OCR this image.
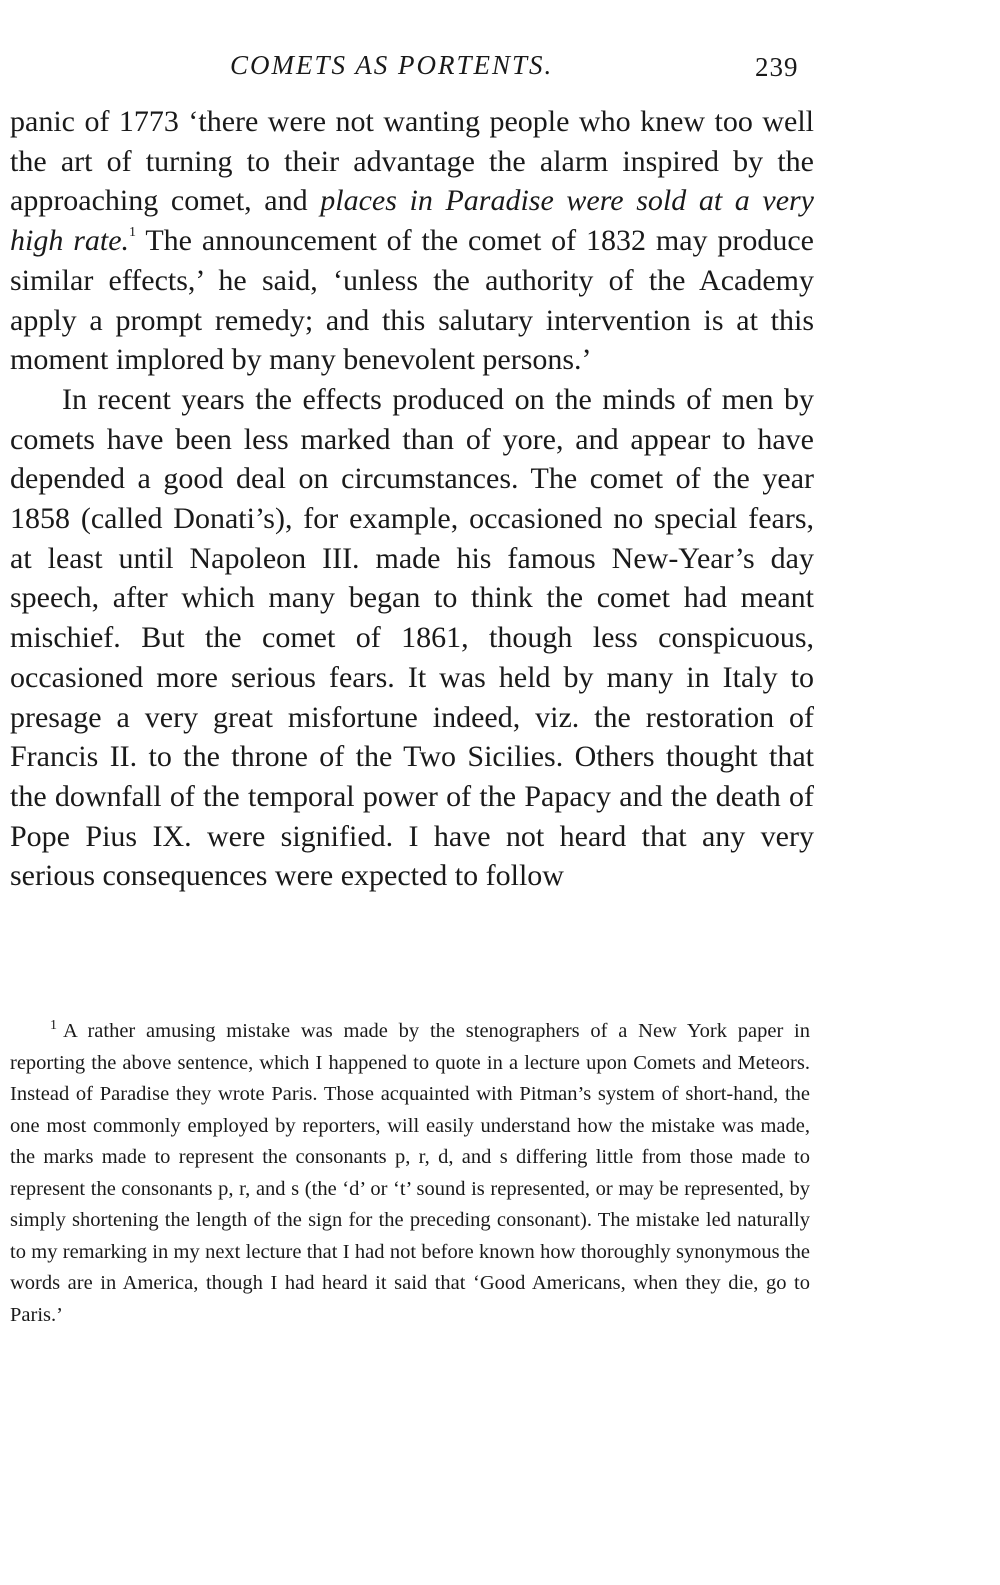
COMETS AS PORTENTS.	239

panic of 1773 ‘there were not wanting people who knew too well the art of turning to their advantage the alarm inspired by the approaching comet, and places in Paradise were sold at a very high rate.$^1$ The announcement of the comet of 1832 may produce similar effects,’ he said, ‘unless the authority of the Academy apply a prompt remedy; and this salutary intervention is at this moment implored by many benevolent persons.’

In recent years the effects produced on the minds of men by comets have been less marked than of yore, and appear to have depended a good deal on circumstances. The comet of the year 1858 (called Donati’s), for example, occasioned no special fears, at least until Napoleon III. made his famous New-Year’s day speech, after which many began to think the comet had meant mischief. But the comet of 1861, though less conspicuous, occasioned more serious fears. It was held by many in Italy to presage a very great misfortune indeed, viz. the restoration of Francis II. to the throne of the Two Sicilies. Others thought that the downfall of the temporal power of the Papacy and the death of Pope Pius IX. were signified. I have not heard that any very serious consequences were expected to follow

$^1$ A rather amusing mistake was made by the stenographers of a New York paper in reporting the above sentence, which I happened to quote in a lecture upon Comets and Meteors. Instead of Paradise they wrote Paris. Those acquainted with Pitman’s system of short-hand, the one most commonly employed by reporters, will easily understand how the mistake was made, the marks made to represent the consonants p, r, d, and s differing little from those made to represent the consonants p, r, and s (the ‘d’ or ‘t’ sound is represented, or may be represented, by simply shortening the length of the sign for the preceding consonant). The mistake led naturally to my remarking in my next lecture that I had not before known how thoroughly synonymous the words are in America, though I had heard it said that ‘Good Americans, when they die, go to Paris.’
